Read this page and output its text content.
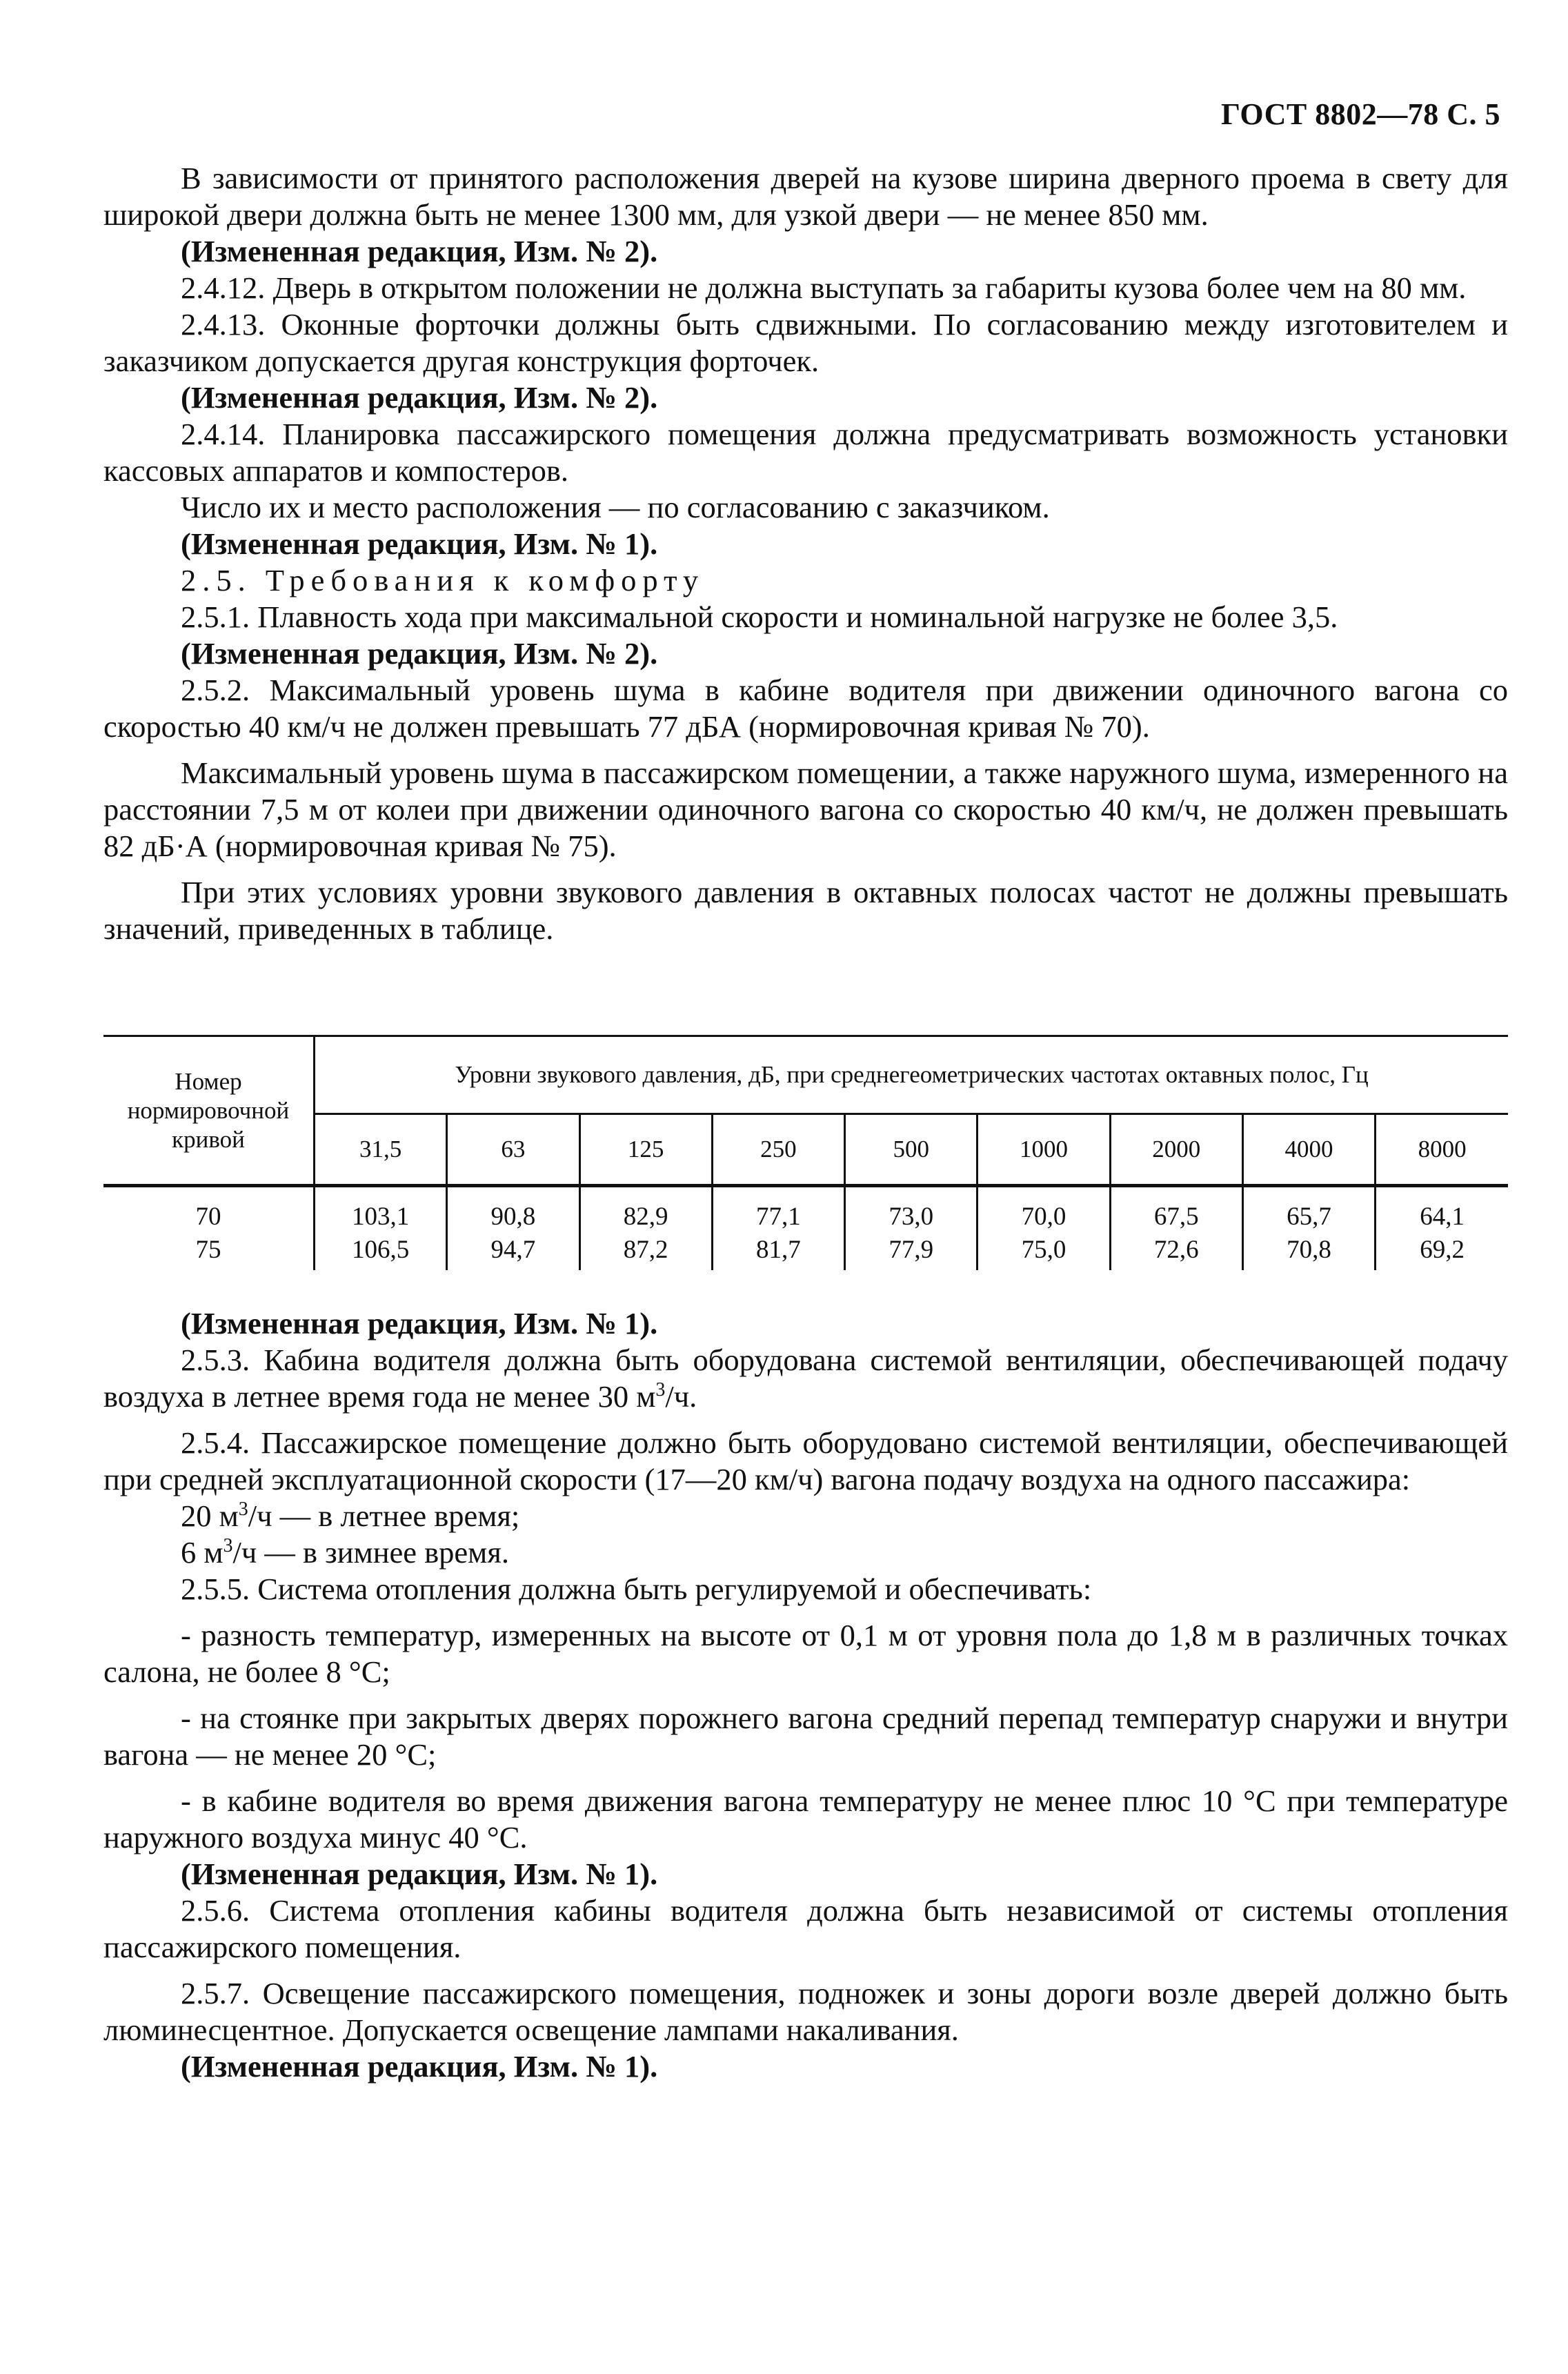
ГОСТ 8802—78 С. 5

В зависимости от принятого расположения дверей на кузове ширина дверного проема в свету для широкой двери должна быть не менее 1300 мм, для узкой двери — не менее 850 мм.

(Измененная редакция, Изм. № 2).

2.4.12. Дверь в открытом положении не должна выступать за габариты кузова более чем на 80 мм.

2.4.13. Оконные форточки должны быть сдвижными. По согласованию между изготовителем и заказчиком допускается другая конструкция форточек.

(Измененная редакция, Изм. № 2).

2.4.14. Планировка пассажирского помещения должна предусматривать возможность установки кассовых аппаратов и компостеров.

Число их и место расположения — по согласованию с заказчиком.

(Измененная редакция, Изм. № 1).

2.5. Требования к комфорту

2.5.1. Плавность хода при максимальной скорости и номинальной нагрузке не более 3,5.

(Измененная редакция, Изм. № 2).

2.5.2. Максимальный уровень шума в кабине водителя при движении одиночного вагона со скоростью 40 км/ч не должен превышать 77 дБА (нормировочная кривая № 70).

Максимальный уровень шума в пассажирском помещении, а также наружного шума, измеренного на расстоянии 7,5 м от колеи при движении одиночного вагона со скоростью 40 км/ч, не должен превышать 82 дБ·А (нормировочная кривая № 75).

При этих условиях уровни звукового давления в октавных полосах частот не должны превышать значений, приведенных в таблице.

Номер нормировочной кривой	Уровни звукового давления, дБ, при среднегеометрических частотах октавных полос, Гц								
	31,5	63	125	250	500	1000	2000	4000	8000
70	103,1	90,8	82,9	77,1	73,0	70,0	67,5	65,7	64,1
75	106,5	94,7	87,2	81,7	77,9	75,0	72,6	70,8	69,2

(Измененная редакция, Изм. № 1).

2.5.3. Кабина водителя должна быть оборудована системой вентиляции, обеспечивающей подачу воздуха в летнее время года не менее 30 $м^3/ч$.

2.5.4. Пассажирское помещение должно быть оборудовано системой вентиляции, обеспечивающей при средней эксплуатационной скорости (17—20 км/ч) вагона подачу воздуха на одного пассажира:

20 $м^3/ч$ — в летнее время;

6 $м^3/ч$ — в зимнее время.

2.5.5. Система отопления должна быть регулируемой и обеспечивать:

- разность температур, измеренных на высоте от 0,1 м от уровня пола до 1,8 м в различных точках салона, не более 8 °С;

- на стоянке при закрытых дверях порожнего вагона средний перепад температур снаружи и внутри вагона — не менее 20 °С;

- в кабине водителя во время движения вагона температуру не менее плюс 10 °С при температуре наружного воздуха минус 40 °С.

(Измененная редакция, Изм. № 1).

2.5.6. Система отопления кабины водителя должна быть независимой от системы отопления пассажирского помещения.

2.5.7. Освещение пассажирского помещения, подножек и зоны дороги возле дверей должно быть люминесцентное. Допускается освещение лампами накаливания.

(Измененная редакция, Изм. № 1).
